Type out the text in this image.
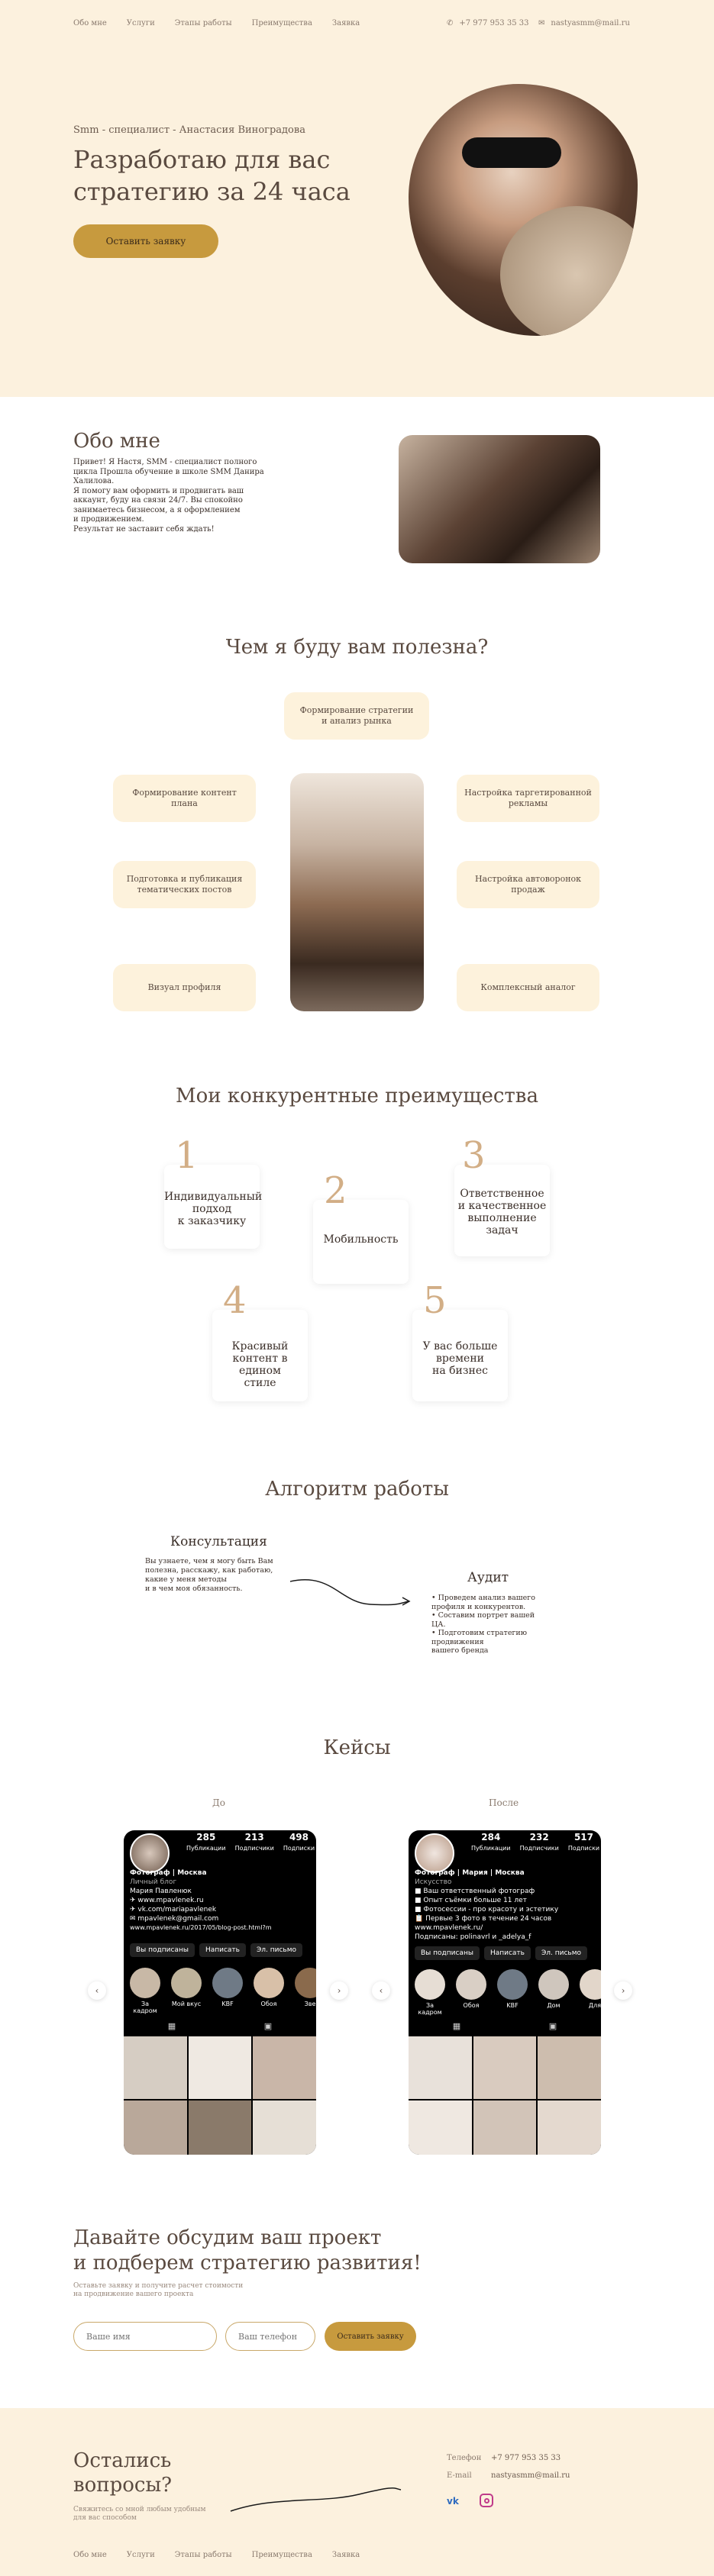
Обо мне	Услуги	Этапы работы	Преимущества	Заявка	✆ +7 977 953 35 33 ✉ nastyasmm@mail.ru
Smm - специалист - Анастасия Виноградова
Разработаю для вас
стратегию за 24 часа
Оставить заявку
Обо мне
Привет! Я Настя, SMM - специалист полного
цикла Прошла обучение в школе SMM Данира
Халилова.
Я помогу вам оформить и продвигать ваш
аккаунт, буду на связи 24/7. Вы спокойно
занимаетесь бизнесом, а я оформлением
и продвижением.
Результат не заставит себя ждать!
Чем я буду вам полезна?
Формирование стратегии
и анализ рынка
Формирование контент
плана
Подготовка и публикация
тематических постов
Визуал профиля
Настройка таргетированной
рекламы
Настройка автоворонок
продаж
Комплексный аналог
Мои конкурентные преимущества
1
Индивидуальный
подход
к заказчику
2
Мобильность
3
Ответственное
и качественное
выполнение
задач
4
Красивый
контент в едином
стиле
5
У вас больше
времени
на бизнес
Алгоритм работы
Консультация
Вы узнаете, чем я могу быть Вам
полезна, расскажу, как работаю,
какие у меня методы
и в чем моя обязанность.
Аудит
• Проведем анализ вашего
профиля и конкурентов.
• Составим портрет вашей
ЦА.
• Подготовим стратегию
продвижения
вашего бренда
Кейсы
До	После
‹	›	‹	›
285
Публикации
213
Подписчики
498
Подписки
Фотограф | Москва
Личный блог
Мария Павленюк
✈ www.mpavlenek.ru
✈ vk.com/mariapavlenek
✉ mpavlenek@gmail.com
www.mpavlenek.ru/2017/05/blog-post.html?m
Вы подписаны	Написать	Эл. письмо
За кадром
Мой вкус	KBF	Обоя	Зве
▦	▣
284
Публикации
232
Подписчики
517
Подписки
Фотограф | Мария | Москва
Искусство
■ Ваш ответственный фотограф
■ Опыт съёмки больше 11 лет
■ Фотосессии - про красоту и эстетику
📋 Первые 3 фото в течение 24 часов
www.mpavlenek.ru/
Подписаны: polinavrl и _adelya_f
Вы подписаны	Написать	Эл. письмо
За кадром
Обоя	KBF	Дом	Для
▦	▣
Давайте обсудим ваш проект
и подберем стратегию развития!
Оставьте заявку и получите расчет стоимости
на продвижение вашего проекта
Ваше имя
Ваш телефон
Оставить заявку
Остались
вопросы?
Свяжитесь со мной любым удобным
для вас способом
Телефон +7 977 953 35 33
E-mail	nastyasmm@mail.ru
vk
Обо мне	Услуги	Этапы работы	Преимущества	Заявка
